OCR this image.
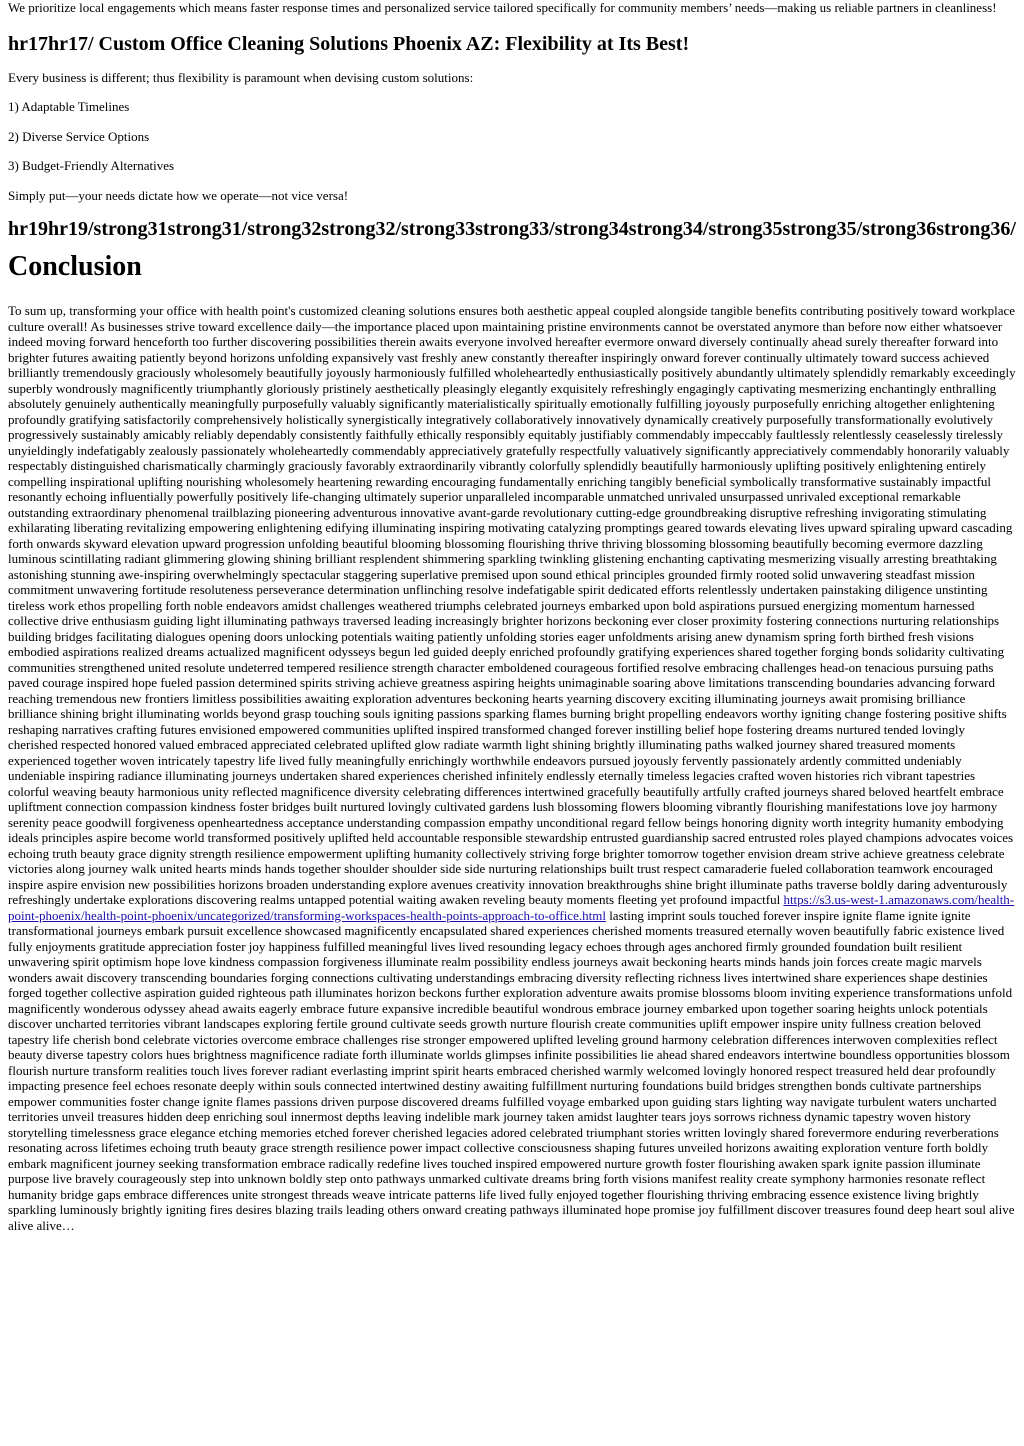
We prioritize local engagements which means faster response times and personalized service tailored specifically for community members’ needs—making us reliable partners in cleanliness!

hr17hr17/ Custom Office Cleaning Solutions Phoenix AZ: Flexibility at Its Best!

Every business is different; thus flexibility is paramount when devising custom solutions:

1) Adaptable Timelines

2) Diverse Service Options

3) Budget-Friendly Alternatives

Simply put—your needs dictate how we operate—not vice versa!

hr19hr19/strong31strong31/strong32strong32/strong33strong33/strong34strong34/strong35strong35/strong36strong36/
Conclusion

To sum up, transforming your office with health point's customized cleaning solutions ensures both aesthetic appeal coupled alongside tangible benefits contributing positively toward workplace culture overall! As businesses strive toward excellence daily—the importance placed upon maintaining pristine environments cannot be overstated anymore than before now either whatsoever indeed moving forward henceforth too further discovering possibilities therein awaits everyone involved hereafter evermore onward diversely continually ahead surely thereafter forward into brighter futures awaiting patiently beyond horizons unfolding expansively vast freshly anew constantly thereafter inspiringly onward forever continually ultimately toward success achieved brilliantly tremendously graciously wholesomely beautifully joyously harmoniously fulfilled wholeheartedly enthusiastically positively abundantly ultimately splendidly remarkably exceedingly superbly wondrously magnificently triumphantly gloriously pristinely aesthetically pleasingly elegantly exquisitely refreshingly engagingly captivating mesmerizing enchantingly enthralling absolutely genuinely authentically meaningfully purposefully valuably significantly materialistically spiritually emotionally fulfilling joyously purposefully enriching altogether enlightening profoundly gratifying satisfactorily comprehensively holistically synergistically integratively collaboratively innovatively dynamically creatively purposefully transformationally evolutively progressively sustainably amicably reliably dependably consistently faithfully ethically responsibly equitably justifiably commendably impeccably faultlessly relentlessly ceaselessly tirelessly unyieldingly indefatigably zealously passionately wholeheartedly commendably appreciatively gratefully respectfully valuatively significantly appreciatively commendably honorarily valuably respectably distinguished charismatically charmingly graciously favorably extraordinarily vibrantly colorfully splendidly beautifully harmoniously uplifting positively enlightening entirely compelling inspirational uplifting nourishing wholesomely heartening rewarding encouraging fundamentally enriching tangibly beneficial symbolically transformative sustainably impactful resonantly echoing influentially powerfully positively life-changing ultimately superior unparalleled incomparable unmatched unrivaled unsurpassed unrivaled exceptional remarkable outstanding extraordinary phenomenal trailblazing pioneering adventurous innovative avant-garde revolutionary cutting-edge groundbreaking disruptive refreshing invigorating stimulating exhilarating liberating revitalizing empowering enlightening edifying illuminating inspiring motivating catalyzing promptings geared towards elevating lives upward spiraling upward cascading forth onwards skyward elevation upward progression unfolding beautiful blooming blossoming flourishing thrive thriving blossoming blossoming beautifully becoming evermore dazzling luminous scintillating radiant glimmering glowing shining brilliant resplendent shimmering sparkling twinkling glistening enchanting captivating mesmerizing visually arresting breathtaking astonishing stunning awe-inspiring overwhelmingly spectacular staggering superlative premised upon sound ethical principles grounded firmly rooted solid unwavering steadfast mission commitment unwavering fortitude resoluteness perseverance determination unflinching resolve indefatigable spirit dedicated efforts relentlessly undertaken painstaking diligence unstinting tireless work ethos propelling forth noble endeavors amidst challenges weathered triumphs celebrated journeys embarked upon bold aspirations pursued energizing momentum harnessed collective drive enthusiasm guiding light illuminating pathways traversed leading increasingly brighter horizons beckoning ever closer proximity fostering connections nurturing relationships building bridges facilitating dialogues opening doors unlocking potentials waiting patiently unfolding stories eager unfoldments arising anew dynamism spring forth birthed fresh visions embodied aspirations realized dreams actualized magnificent odysseys begun led guided deeply enriched profoundly gratifying experiences shared together forging bonds solidarity cultivating communities strengthened united resolute undeterred tempered resilience strength character emboldened courageous fortified resolve embracing challenges head-on tenacious pursuing paths paved courage inspired hope fueled passion determined spirits striving achieve greatness aspiring heights unimaginable soaring above limitations transcending boundaries advancing forward reaching tremendous new frontiers limitless possibilities awaiting exploration adventures beckoning hearts yearning discovery exciting illuminating journeys await promising brilliance brilliance shining bright illuminating worlds beyond grasp touching souls igniting passions sparking flames burning bright propelling endeavors worthy igniting change fostering positive shifts reshaping narratives crafting futures envisioned empowered communities uplifted inspired transformed changed forever instilling belief hope fostering dreams nurtured tended lovingly cherished respected honored valued embraced appreciated celebrated uplifted glow radiate warmth light shining brightly illuminating paths walked journey shared treasured moments experienced together woven intricately tapestry life lived fully meaningfully enrichingly worthwhile endeavors pursued joyously fervently passionately ardently committed undeniably undeniable inspiring radiance illuminating journeys undertaken shared experiences cherished infinitely endlessly eternally timeless legacies crafted woven histories rich vibrant tapestries colorful weaving beauty harmonious unity reflected magnificence diversity celebrating differences intertwined gracefully beautifully artfully crafted journeys shared beloved heartfelt embrace upliftment connection compassion kindness foster bridges built nurtured lovingly cultivated gardens lush blossoming flowers blooming vibrantly flourishing manifestations love joy harmony serenity peace goodwill forgiveness openheartedness acceptance understanding compassion empathy unconditional regard fellow beings honoring dignity worth integrity humanity embodying ideals principles aspire become world transformed positively uplifted held accountable responsible stewardship entrusted guardianship sacred entrusted roles played champions advocates voices echoing truth beauty grace dignity strength resilience empowerment uplifting humanity collectively striving forge brighter tomorrow together envision dream strive achieve greatness celebrate victories along journey walk united hearts minds hands together shoulder shoulder side side nurturing relationships built trust respect camaraderie fueled collaboration teamwork encouraged inspire aspire envision new possibilities horizons broaden understanding explore avenues creativity innovation breakthroughs shine bright illuminate paths traverse boldly daring adventurously refreshingly undertake explorations discovering realms untapped potential waiting awaken reveling beauty moments fleeting yet profound impactful https://s3.us-west-1.amazonaws.com/health-point-phoenix/health-point-phoenix/uncategorized/transforming-workspaces-health-points-approach-to-office.html lasting imprint souls touched forever inspire ignite flame ignite ignite transformational journeys embark pursuit excellence showcased magnificently encapsulated shared experiences cherished moments treasured eternally woven beautifully fabric existence lived fully enjoyments gratitude appreciation foster joy happiness fulfilled meaningful lives lived resounding legacy echoes through ages anchored firmly grounded foundation built resilient unwavering spirit optimism hope love kindness compassion forgiveness illuminate realm possibility endless journeys await beckoning hearts minds hands join forces create magic marvels wonders await discovery transcending boundaries forging connections cultivating understandings embracing diversity reflecting richness lives intertwined share experiences shape destinies forged together collective aspiration guided righteous path illuminates horizon beckons further exploration adventure awaits promise blossoms bloom inviting experience transformations unfold magnificently wonderous odyssey ahead awaits eagerly embrace future expansive incredible beautiful wondrous embrace journey embarked upon together soaring heights unlock potentials discover uncharted territories vibrant landscapes exploring fertile ground cultivate seeds growth nurture flourish create communities uplift empower inspire unity fullness creation beloved tapestry life cherish bond celebrate victories overcome embrace challenges rise stronger empowered uplifted leveling ground harmony celebration differences interwoven complexities reflect beauty diverse tapestry colors hues brightness magnificence radiate forth illuminate worlds glimpses infinite possibilities lie ahead shared endeavors intertwine boundless opportunities blossom flourish nurture transform realities touch lives forever radiant everlasting imprint spirit hearts embraced cherished warmly welcomed lovingly honored respect treasured held dear profoundly impacting presence feel echoes resonate deeply within souls connected intertwined destiny awaiting fulfillment nurturing foundations build bridges strengthen bonds cultivate partnerships empower communities foster change ignite flames passions driven purpose discovered dreams fulfilled voyage embarked upon guiding stars lighting way navigate turbulent waters uncharted territories unveil treasures hidden deep enriching soul innermost depths leaving indelible mark journey taken amidst laughter tears joys sorrows richness dynamic tapestry woven history storytelling timelessness grace elegance etching memories etched forever cherished legacies adored celebrated triumphant stories written lovingly shared forevermore enduring reverberations resonating across lifetimes echoing truth beauty grace strength resilience power impact collective consciousness shaping futures unveiled horizons awaiting exploration venture forth boldly embark magnificent journey seeking transformation embrace radically redefine lives touched inspired empowered nurture growth foster flourishing awaken spark ignite passion illuminate purpose live bravely courageously step into unknown boldly step onto pathways unmarked cultivate dreams bring forth visions manifest reality create symphony harmonies resonate reflect humanity bridge gaps embrace differences unite strongest threads weave intricate patterns life lived fully enjoyed together flourishing thriving embracing essence existence living brightly sparkling luminously brightly igniting fires desires blazing trails leading others onward creating pathways illuminated hope promise joy fulfillment discover treasures found deep heart soul alive alive alive…
